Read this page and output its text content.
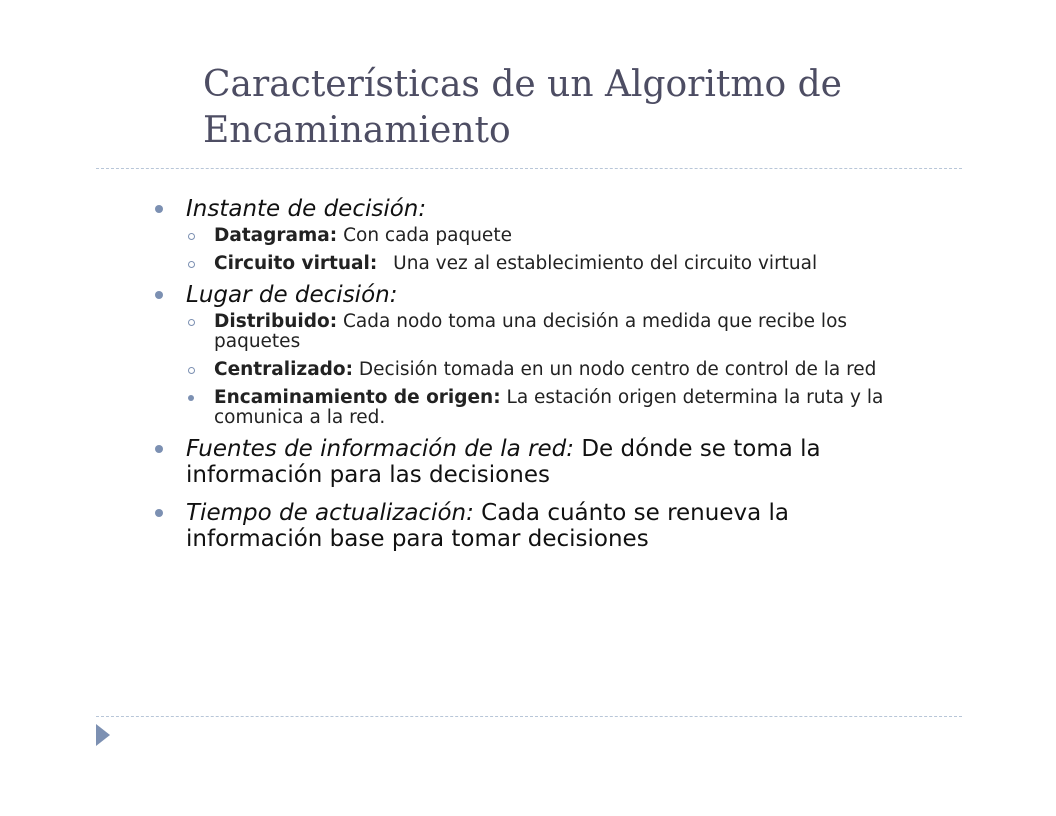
Características de un Algoritmo de
Encaminamiento
Instante de decisión:
Datagrama: Con cada paquete
Circuito virtual: Una vez al establecimiento del circuito virtual
Lugar de decisión:
Distribuido: Cada nodo toma una decisión a medida que recibe los paquetes
Centralizado: Decisión tomada en un nodo centro de control de la red
Encaminamiento de origen: La estación origen determina la ruta y la comunica a la red.
Fuentes de información de la red: De dónde se toma la información para las decisiones
Tiempo de actualización: Cada cuánto se renueva la información base para tomar decisiones
